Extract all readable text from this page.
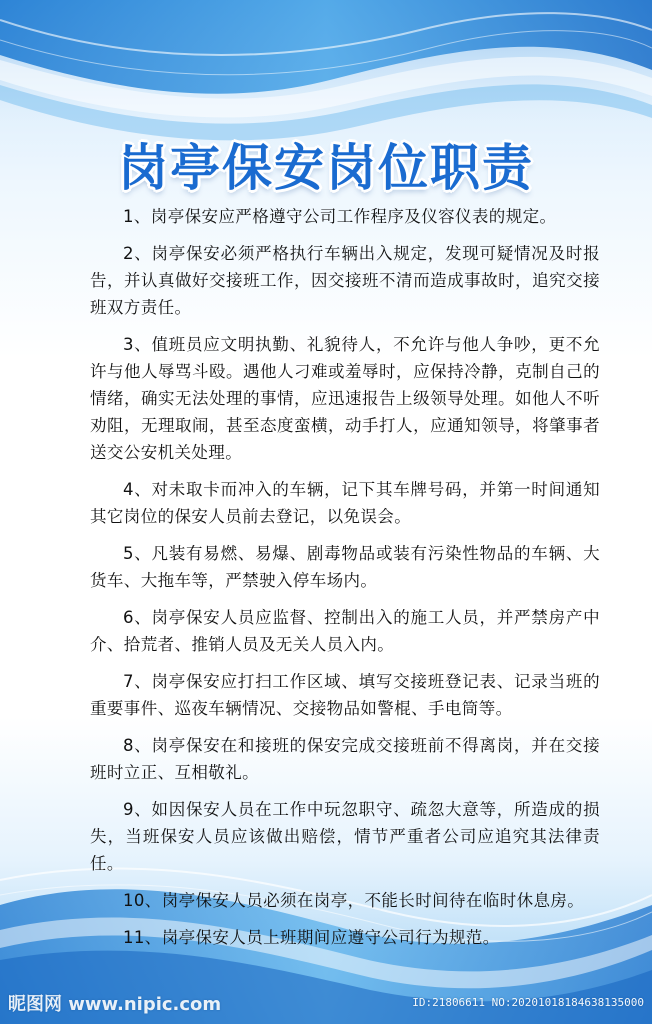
岗亭保安岗位职责

1、岗亭保安应严格遵守公司工作程序及仪容仪表的规定。

2、岗亭保安必须严格执行车辆出入规定，发现可疑情况及时报告，并认真做好交接班工作，因交接班不清而造成事故时，追究交接班双方责任。

3、值班员应文明执勤、礼貌待人，不允许与他人争吵，更不允许与他人辱骂斗殴。遇他人刁难或羞辱时，应保持冷静，克制自己的情绪，确实无法处理的事情，应迅速报告上级领导处理。如他人不听劝阻，无理取闹，甚至态度蛮横，动手打人，应通知领导，将肇事者送交公安机关处理。

4、对未取卡而冲入的车辆，记下其车牌号码，并第一时间通知其它岗位的保安人员前去登记，以免误会。

5、凡装有易燃、易爆、剧毒物品或装有污染性物品的车辆、大货车、大拖车等，严禁驶入停车场内。

6、岗亭保安人员应监督、控制出入的施工人员，并严禁房产中介、拾荒者、推销人员及无关人员入内。

7、岗亭保安应打扫工作区域、填写交接班登记表、记录当班的重要事件、巡夜车辆情况、交接物品如警棍、手电筒等。

8、岗亭保安在和接班的保安完成交接班前不得离岗，并在交接班时立正、互相敬礼。

9、如因保安人员在工作中玩忽职守、疏忽大意等，所造成的损失，当班保安人员应该做出赔偿，情节严重者公司应追究其法律责任。

10、岗亭保安人员必须在岗亭，不能长时间待在临时休息房。

11、岗亭保安人员上班期间应遵守公司行为规范。

昵图网 www.nipic.com	ID:21806611 NO:20201018184638135000
